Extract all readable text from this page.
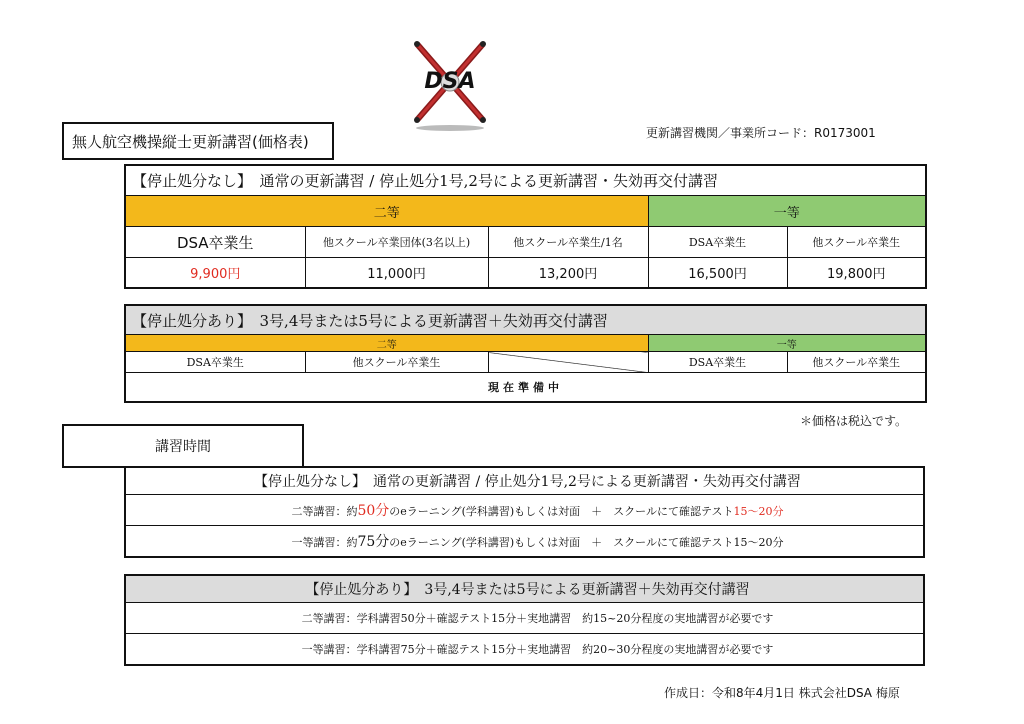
DSA
無人航空機操縦士更新講習(価格表)	更新講習機関／事業所コード：R0173001
【停止処分なし】　通常の更新講習 / 停止処分1号,2号による更新講習・失効再交付講習				
二等			一等	
DSA卒業生	他スクール卒業団体(3名以上)	他スクール卒業生/1名	DSA卒業生	他スクール卒業生
9,900円	11,000円	13,200円	16,500円	19,800円
【停止処分あり】　3号,4号または5号による更新講習＋失効再交付講習				
二等			一等	
DSA卒業生	他スクール卒業生		DSA卒業生	他スクール卒業生
現在準備中				
＊価格は税込です。
講習時間
【停止処分なし】　通常の更新講習 / 停止処分1号,2号による更新講習・失効再交付講習
二等講習：約50分のeラーニング(学科講習)もしくは対面　＋　スクールにて確認テスト15〜20分
一等講習：約75分のeラーニング(学科講習)もしくは対面　＋　スクールにて確認テスト15〜20分
【停止処分あり】　3号,4号または5号による更新講習＋失効再交付講習
二等講習：学科講習50分＋確認テスト15分＋実地講習　約15~20分程度の実地講習が必要です
一等講習：学科講習75分＋確認テスト15分＋実地講習　約20~30分程度の実地講習が必要です
作成日：令和8年4月1日 株式会社DSA 梅原
